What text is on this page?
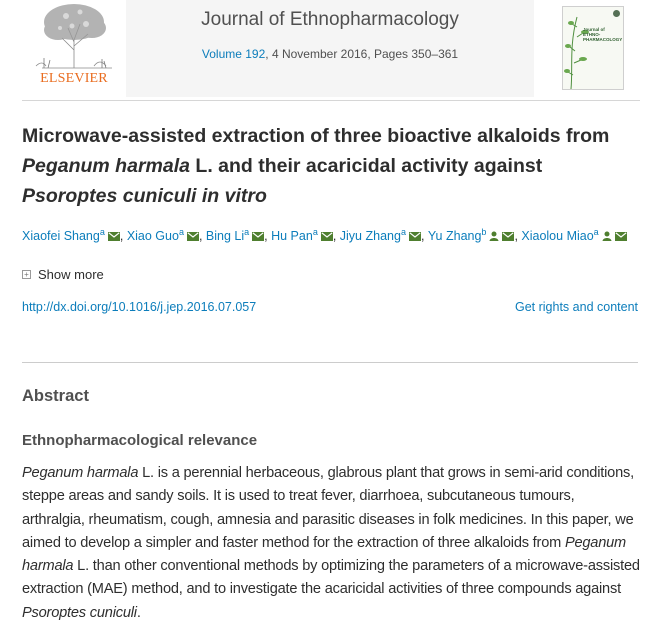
ELSEVIER
Journal of Ethnopharmacology
Volume 192, 4 November 2016, Pages 350–361
Journal of ETHNO-PHARMACOLOGY
Microwave-assisted extraction of three bioactive alkaloids from
Peganum harmala L. and their acaricidal activity against
Psoroptes cuniculi in vitro
Xiaofei Shang$^a$ , Xiao Guo$^a$ , Bing Li$^a$ , Hu Pan$^a$ , Jiyu Zhang$^a$ , Yu Zhang$^b$ , Xiaolou Miao$^a$
+ Show more
http://dx.doi.org/10.1016/j.jep.2016.07.057	Get rights and content
Abstract
Ethnopharmacological relevance

Peganum harmala L. is a perennial herbaceous, glabrous plant that grows in semi-arid conditions, steppe areas and sandy soils. It is used to treat fever, diarrhoea, subcutaneous tumours, arthralgia, rheumatism, cough, amnesia and parasitic diseases in folk medicines. In this paper, we aimed to develop a simpler and faster method for the extraction of three alkaloids from Peganum harmala L. than other conventional methods by optimizing the parameters of a microwave-assisted extraction (MAE) method, and to investigate the acaricidal activities of three compounds against Psoroptes cuniculi.
